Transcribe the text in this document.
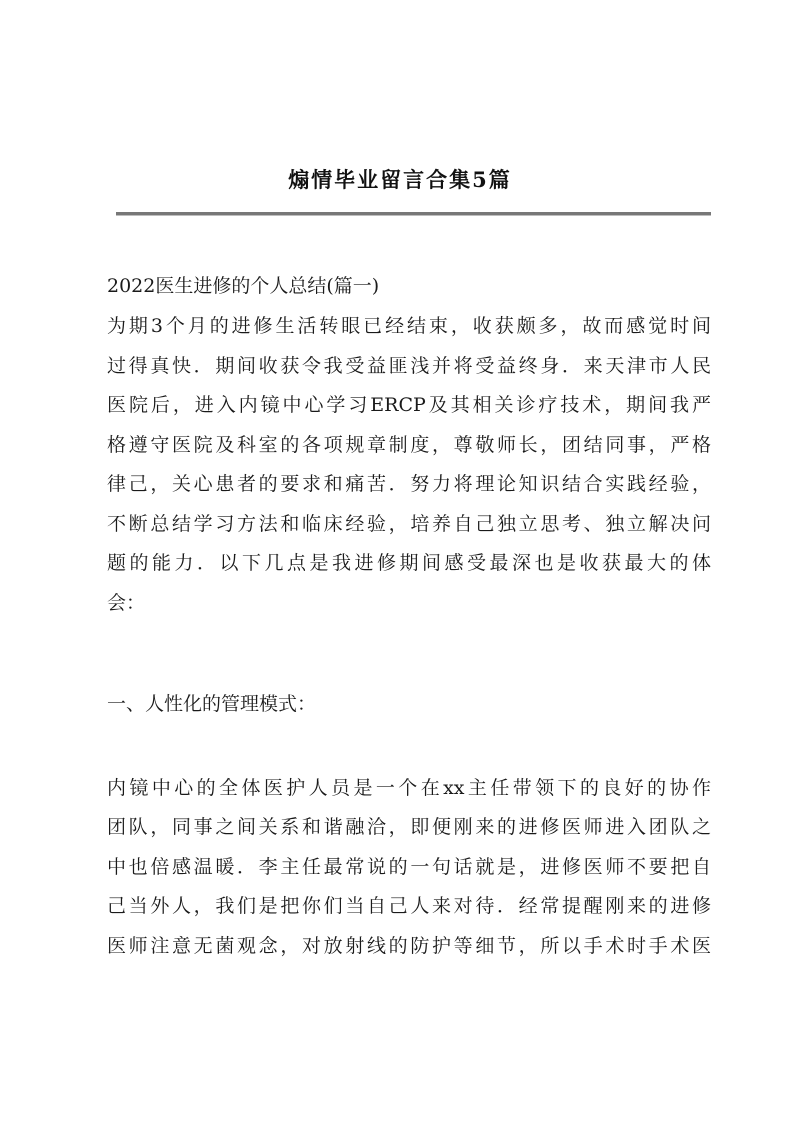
煽情毕业留言合集5篇
2022医生进修的个人总结(篇一)
为期3个月的进修生活转眼已经结束，收获颇多，故而感觉时间
过得真快．期间收获令我受益匪浅并将受益终身．来天津市人民
医院后，进入内镜中心学习ERCP及其相关诊疗技术，期间我严
格遵守医院及科室的各项规章制度，尊敬师长，团结同事，严格
律己，关心患者的要求和痛苦．努力将理论知识结合实践经验，
不断总结学习方法和临床经验，培养自己独立思考、独立解决问
题的能力．以下几点是我进修期间感受最深也是收获最大的体
会：
一、人性化的管理模式：
内镜中心的全体医护人员是一个在xx主任带领下的良好的协作
团队，同事之间关系和谐融洽，即便刚来的进修医师进入团队之
中也倍感温暖．李主任最常说的一句话就是，进修医师不要把自
己当外人，我们是把你们当自己人来对待．经常提醒刚来的进修
医师注意无菌观念，对放射线的防护等细节，所以手术时手术医
